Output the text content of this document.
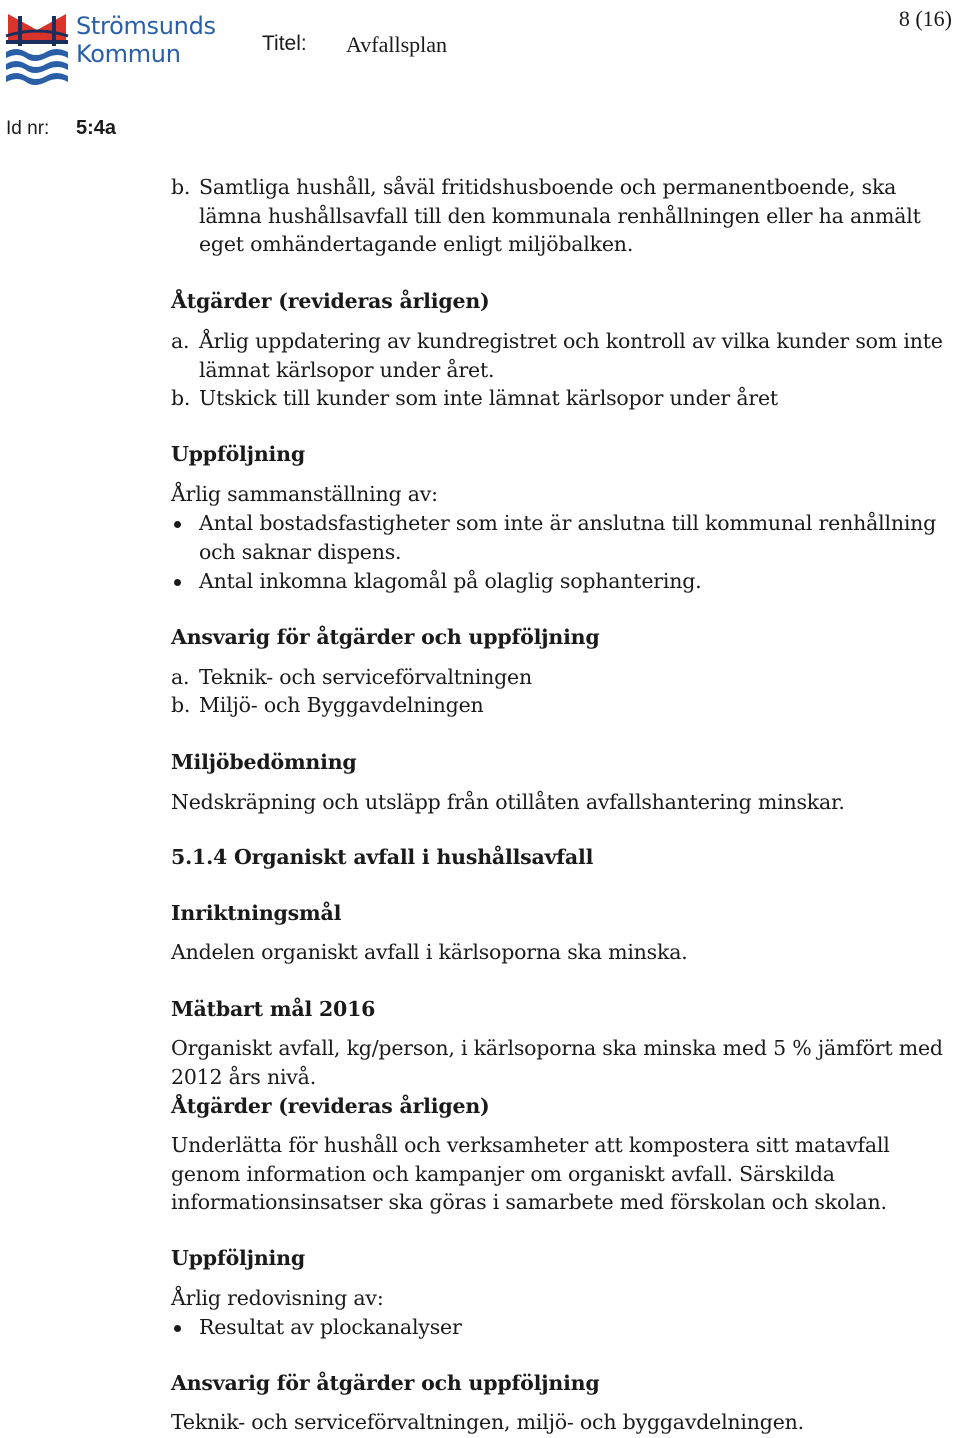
Strömsunds
Kommun	Titel: Avfallsplan
8 (16)
Id nr: 5:4a
b. Samtliga hushåll, såväl fritidshusboende och permanentboende, ska lämna hushållsavfall till den kommunala renhållningen eller ha anmält eget omhändertagande enligt miljöbalken.
Åtgärder (revideras årligen)
a. Årlig uppdatering av kundregistret och kontroll av vilka kunder som inte lämnat kärlsopor under året.
b. Utskick till kunder som inte lämnat kärlsopor under året
Uppföljning
Årlig sammanställning av:
Antal bostadsfastigheter som inte är anslutna till kommunal renhållning och saknar dispens.
Antal inkomna klagomål på olaglig sophantering.
Ansvarig för åtgärder och uppföljning
a. Teknik- och serviceförvaltningen
b. Miljö- och Byggavdelningen
Miljöbedömning
Nedskräpning och utsläpp från otillåten avfallshantering minskar.
5.1.4 Organiskt avfall i hushållsavfall
Inriktningsmål
Andelen organiskt avfall i kärlsoporna ska minska.
Mätbart mål 2016
Organiskt avfall, kg/person, i kärlsoporna ska minska med 5 % jämfört med 2012 års nivå.
Åtgärder (revideras årligen)
Underlätta för hushåll och verksamheter att kompostera sitt matavfall genom information och kampanjer om organiskt avfall. Särskilda informationsinsatser ska göras i samarbete med förskolan och skolan.
Uppföljning
Årlig redovisning av:
Resultat av plockanalyser
Ansvarig för åtgärder och uppföljning
Teknik- och serviceförvaltningen, miljö- och byggavdelningen.
